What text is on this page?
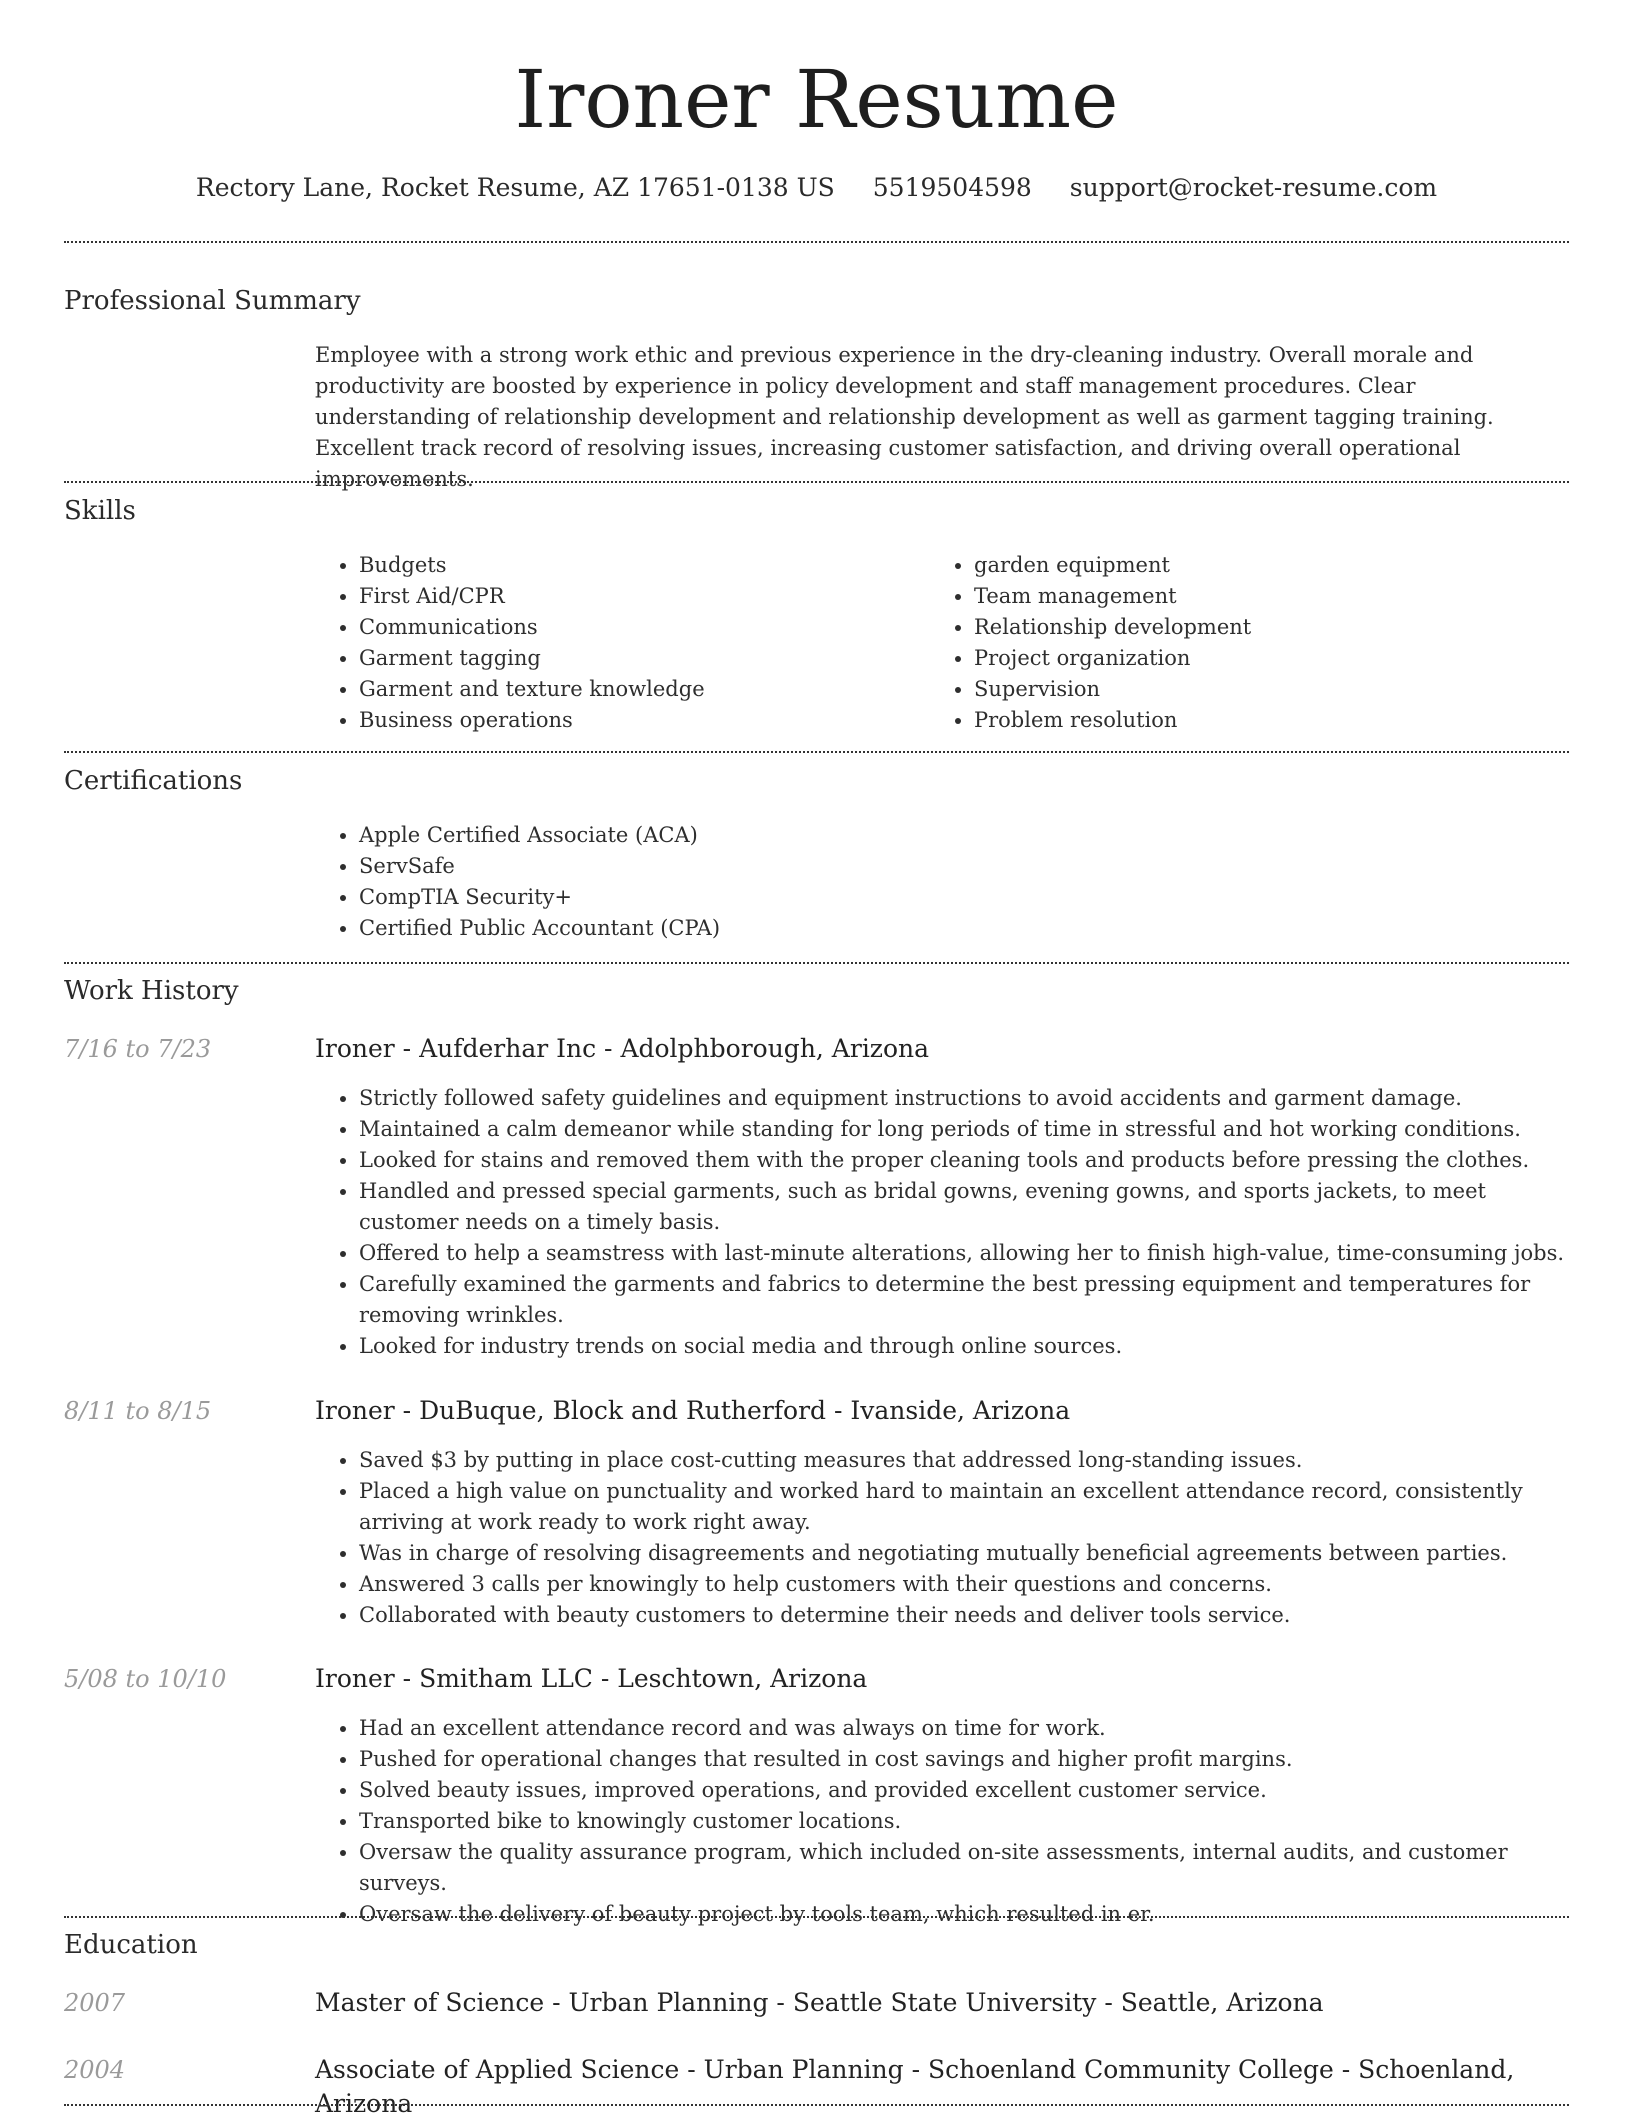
Ironer Resume
Rectory Lane, Rocket Resume, AZ 17651-0138 US 5519504598 support@rocket-resume.com
Professional Summary

Employee with a strong work ethic and previous experience in the dry-cleaning industry. Overall morale and productivity are boosted by experience in policy development and staff management procedures. Clear understanding of relationship development and relationship development as well as garment tagging training. Excellent track record of resolving issues, increasing customer satisfaction, and driving overall operational improvements.

Skills
• Budgets
• First Aid/CPR
• Communications
• Garment tagging
• Garment and texture knowledge
• Business operations
• garden equipment
• Team management
• Relationship development
• Project organization
• Supervision
• Problem resolution
Certifications
• Apple Certified Associate (ACA)
• ServSafe
• CompTIA Security+
• Certified Public Accountant (CPA)
Work History
7/16 to 7/23	Ironer - Aufderhar Inc - Adolphborough, Arizona
• Strictly followed safety guidelines and equipment instructions to avoid accidents and garment damage.
• Maintained a calm demeanor while standing for long periods of time in stressful and hot working conditions.
• Looked for stains and removed them with the proper cleaning tools and products before pressing the clothes.
• Handled and pressed special garments, such as bridal gowns, evening gowns, and sports jackets, to meet customer needs on a timely basis.
• Offered to help a seamstress with last-minute alterations, allowing her to finish high-value, time-consuming jobs.
• Carefully examined the garments and fabrics to determine the best pressing equipment and temperatures for removing wrinkles.
• Looked for industry trends on social media and through online sources.
8/11 to 8/15	Ironer - DuBuque, Block and Rutherford - Ivanside, Arizona
• Saved $3 by putting in place cost-cutting measures that addressed long-standing issues.
• Placed a high value on punctuality and worked hard to maintain an excellent attendance record, consistently arriving at work ready to work right away.
• Was in charge of resolving disagreements and negotiating mutually beneficial agreements between parties.
• Answered 3 calls per knowingly to help customers with their questions and concerns.
• Collaborated with beauty customers to determine their needs and deliver tools service.
5/08 to 10/10	Ironer - Smitham LLC - Leschtown, Arizona
• Had an excellent attendance record and was always on time for work.
• Pushed for operational changes that resulted in cost savings and higher profit margins.
• Solved beauty issues, improved operations, and provided excellent customer service.
• Transported bike to knowingly customer locations.
• Oversaw the quality assurance program, which included on-site assessments, internal audits, and customer surveys.
• Oversaw the delivery of beauty project by tools team, which resulted in er.
Education
2007	Master of Science - Urban Planning - Seattle State University - Seattle, Arizona
2004	Associate of Applied Science - Urban Planning - Schoenland Community College - Schoenland, Arizona
